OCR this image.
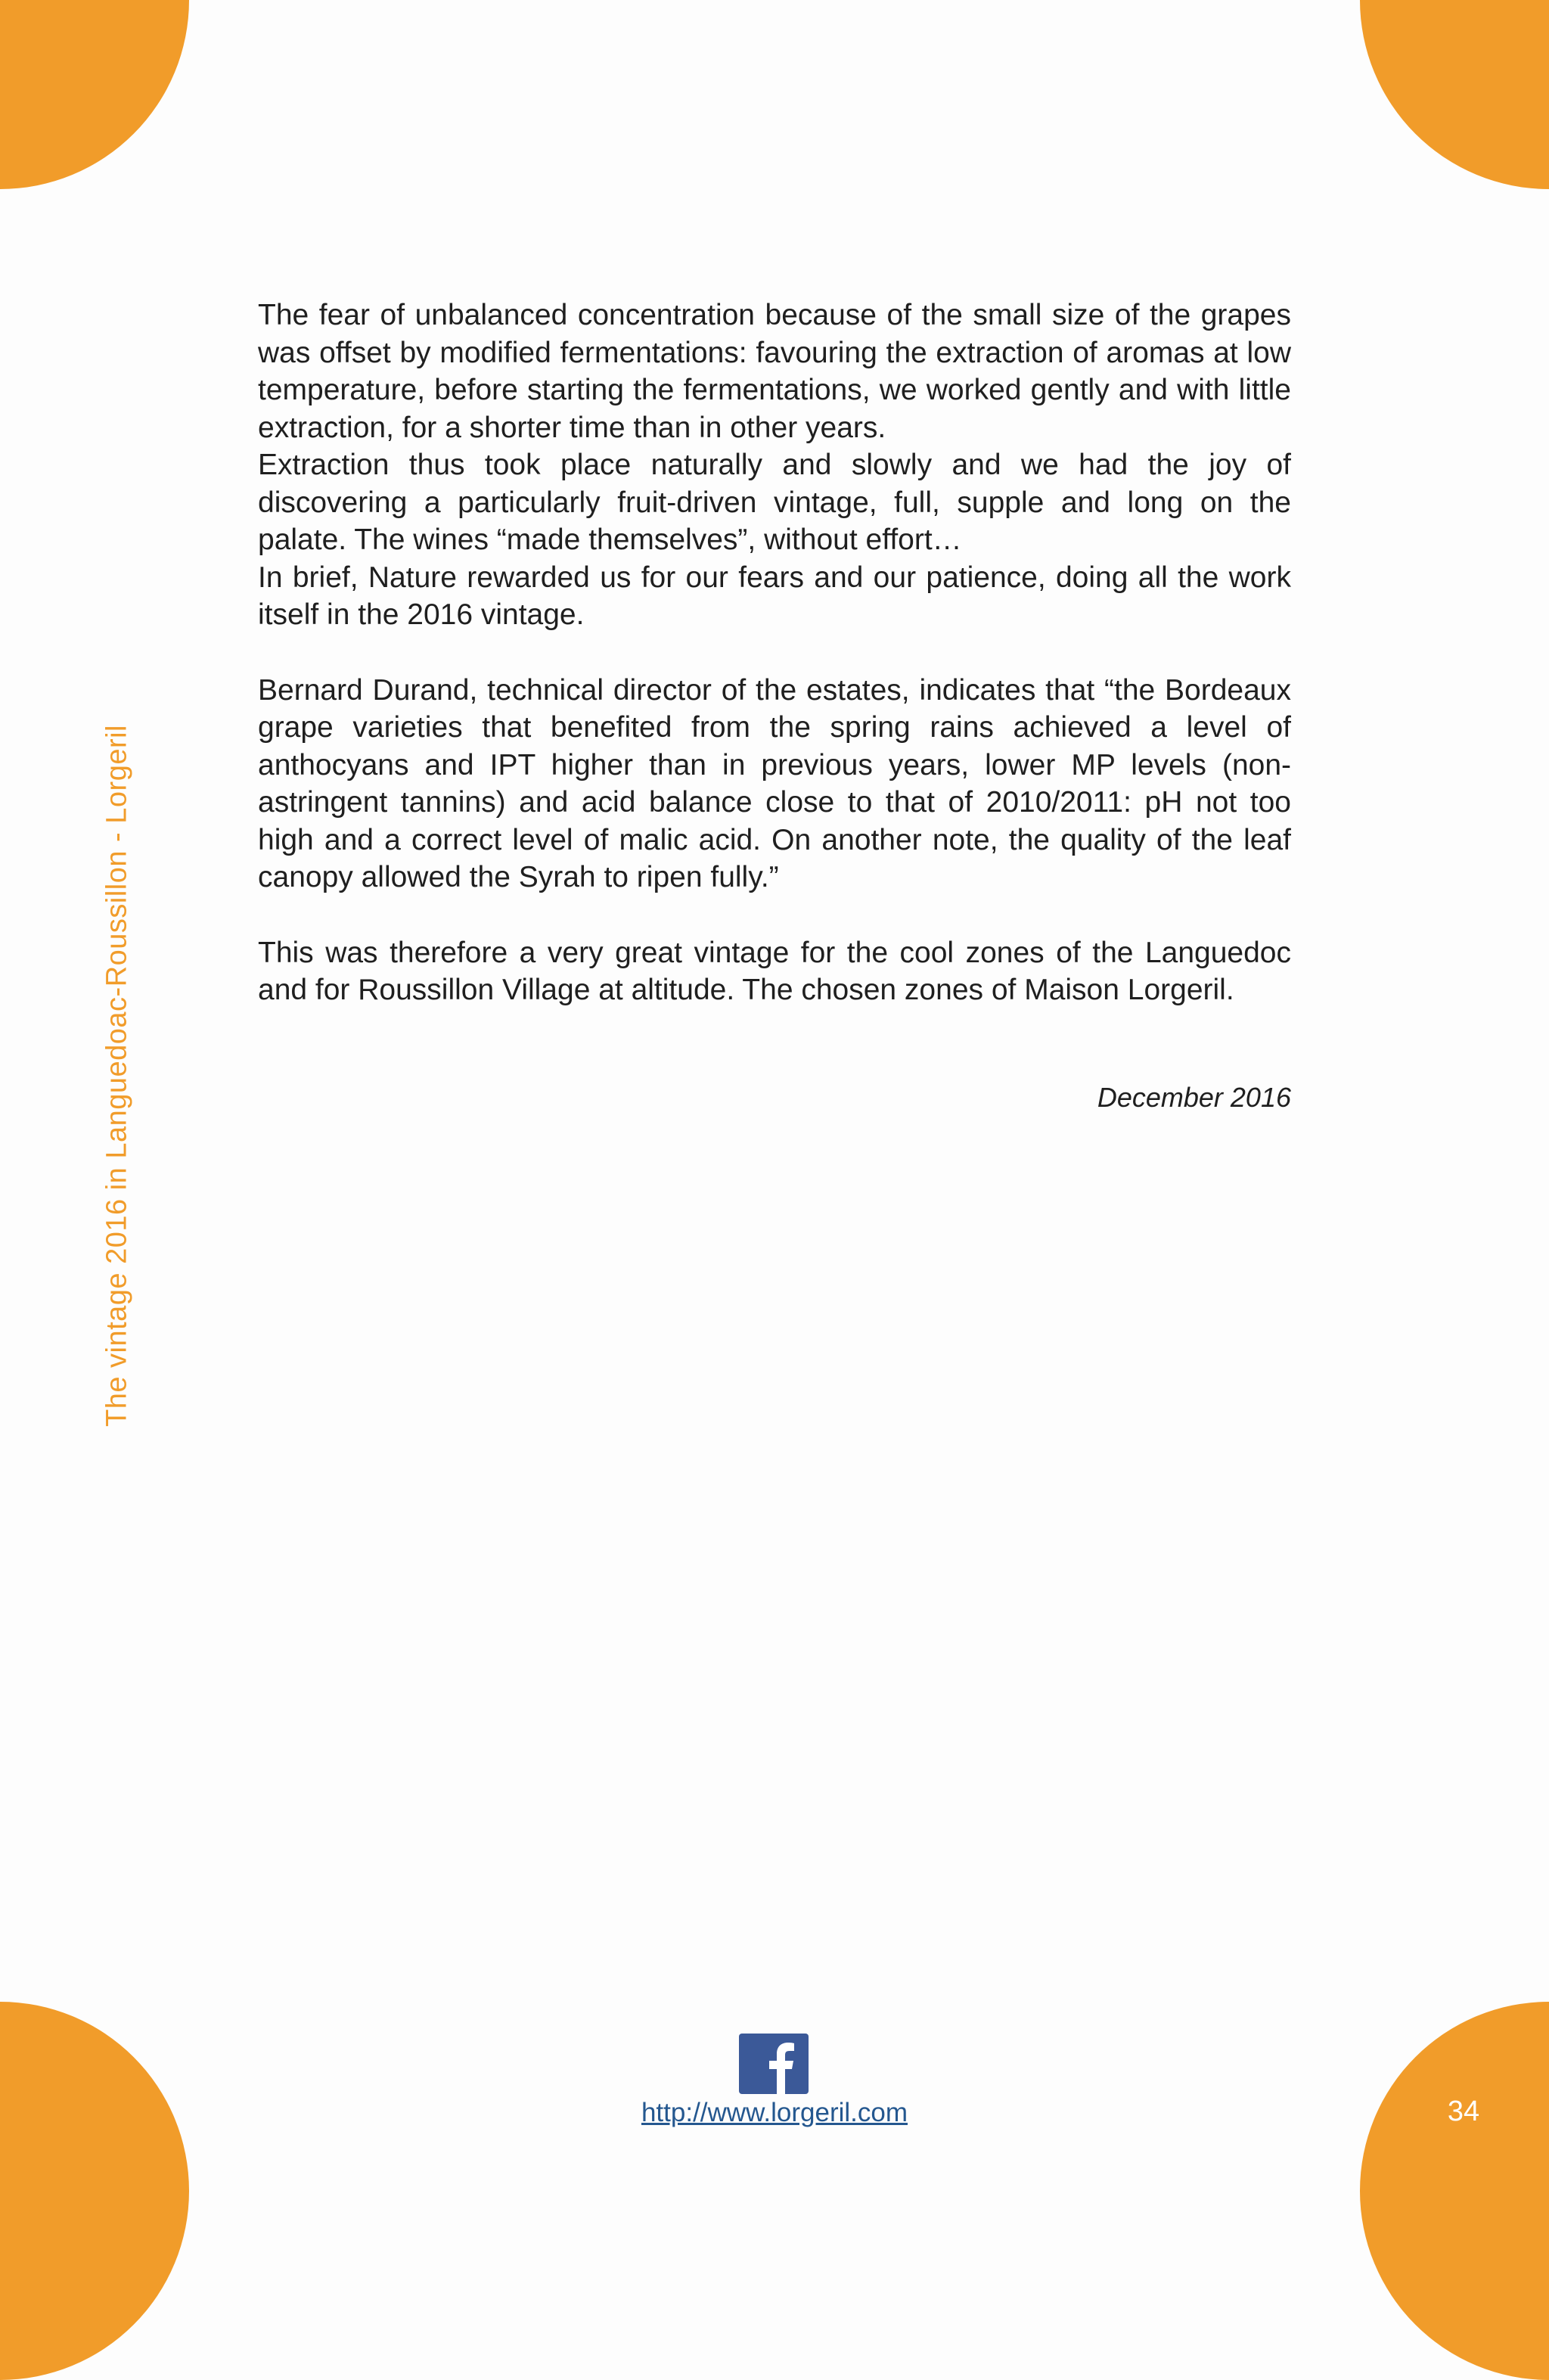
The vintage 2016 in Languedoac-Roussillon - Lorgeril

The fear of unbalanced concentration because of the small size of the grapes was offset by modified fermentations: favouring the extraction of aromas at low temperature, before starting the fermentations, we worked gently and with little extraction, for a shorter time than in other years.

Extraction thus took place naturally and slowly and we had the joy of discovering a particularly fruit-driven vintage, full, supple and long on the palate. The wines “made themselves”, without effort…

In brief, Nature rewarded us for our fears and our patience, doing all the work itself in the 2016 vintage.

Bernard Durand, technical director of the estates, indicates that “the Bordeaux grape varieties that benefited from the spring rains achieved a level of anthocyans and IPT higher than in previous years, lower MP levels (non-astringent tannins) and acid balance close to that of 2010/2011: pH not too high and a correct level of malic acid. On another note, the quality of the leaf canopy allowed the Syrah to ripen fully.”

This was therefore a very great vintage for the cool zones of the Languedoc and for Roussillon Village at altitude. The chosen zones of Maison Lorgeril.

December 2016
http://www.lorgeril.com	34
